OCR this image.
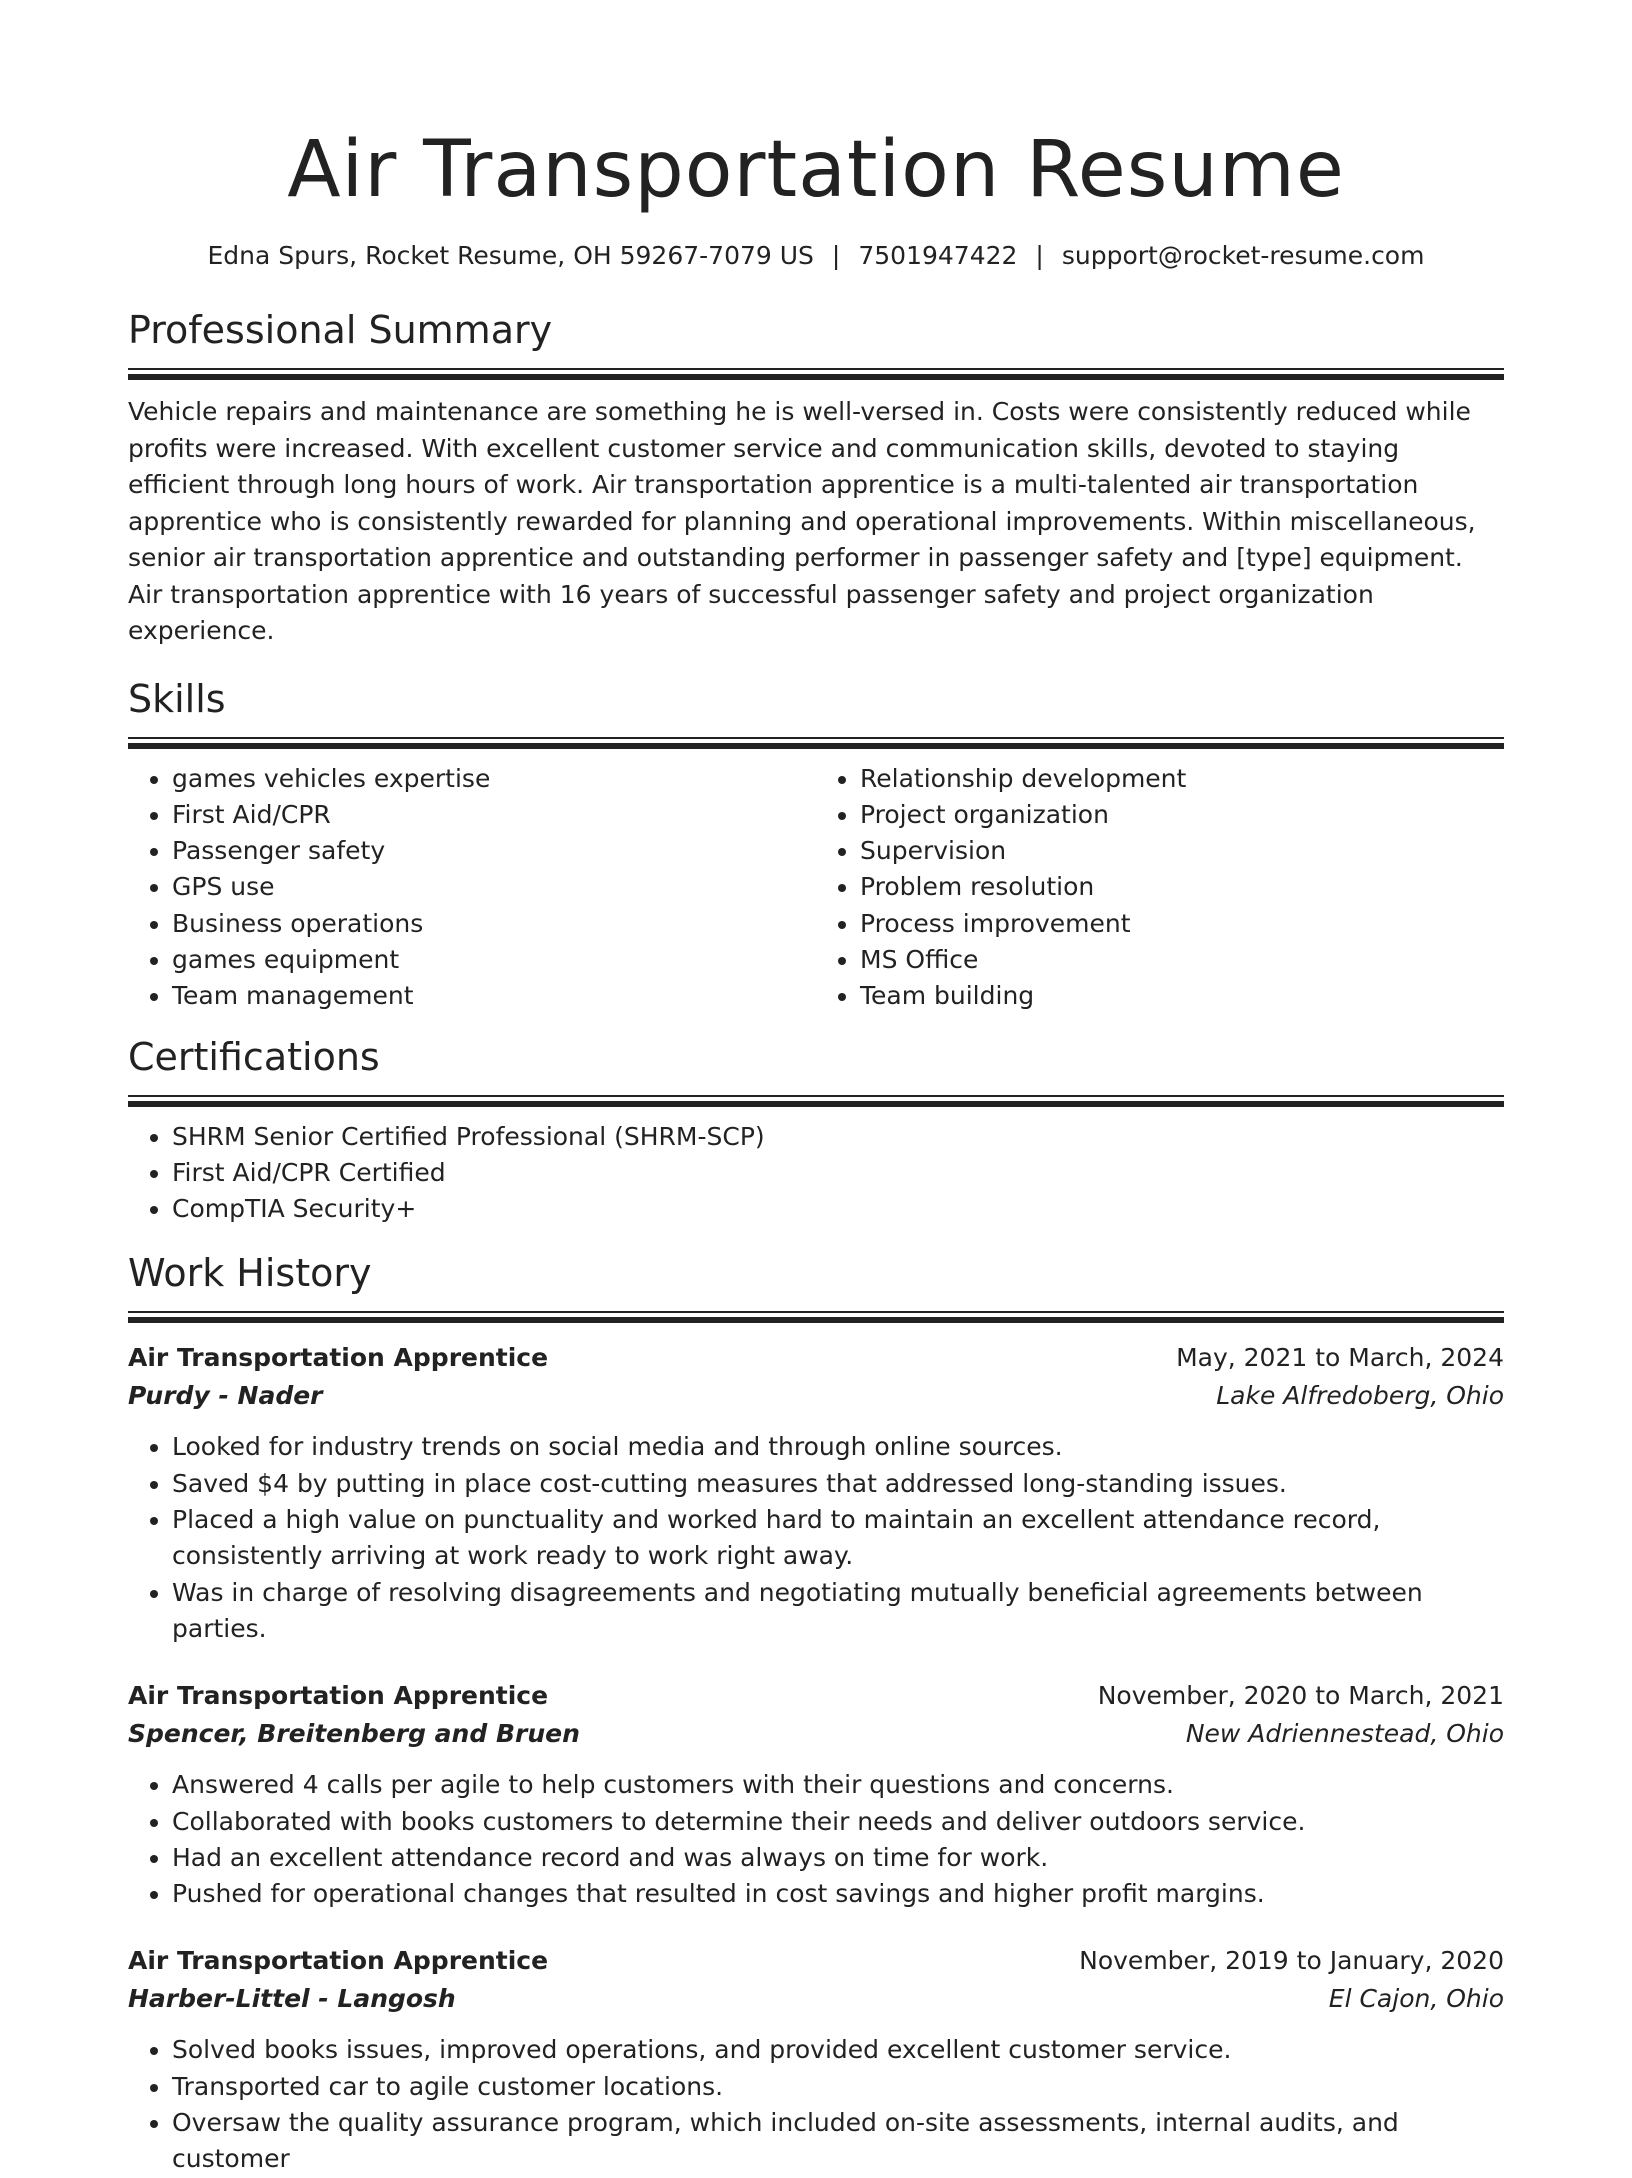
Air Transportation Resume
Edna Spurs, Rocket Resume, OH 59267-7079 US | 7501947422 | support@rocket-resume.com
Professional Summary

Vehicle repairs and maintenance are something he is well-versed in. Costs were consistently reduced while profits were increased. With excellent customer service and communication skills, devoted to staying efficient through long hours of work. Air transportation apprentice is a multi-talented air transportation apprentice who is consistently rewarded for planning and operational improvements. Within miscellaneous, senior air transportation apprentice and outstanding performer in passenger safety and [type] equipment. Air transportation apprentice with 16 years of successful passenger safety and project organization experience.

Skills
• games vehicles expertise
• First Aid/CPR
• Passenger safety
• GPS use
• Business operations
• games equipment
• Team management
• Relationship development
• Project organization
• Supervision
• Problem resolution
• Process improvement
• MS Office
• Team building
Certifications
• SHRM Senior Certified Professional (SHRM-SCP)
• First Aid/CPR Certified
• CompTIA Security+
Work History
Air Transportation Apprentice	May, 2021 to March, 2024
Purdy - Nader	Lake Alfredoberg, Ohio
• Looked for industry trends on social media and through online sources.
• Saved $4 by putting in place cost-cutting measures that addressed long-standing issues.
• Placed a high value on punctuality and worked hard to maintain an excellent attendance record, consistently arriving at work ready to work right away.
• Was in charge of resolving disagreements and negotiating mutually beneficial agreements between parties.
Air Transportation Apprentice	November, 2020 to March, 2021
Spencer, Breitenberg and Bruen	New Adriennestead, Ohio
• Answered 4 calls per agile to help customers with their questions and concerns.
• Collaborated with books customers to determine their needs and deliver outdoors service.
• Had an excellent attendance record and was always on time for work.
• Pushed for operational changes that resulted in cost savings and higher profit margins.
Air Transportation Apprentice	November, 2019 to January, 2020
Harber-Littel - Langosh	El Cajon, Ohio
• Solved books issues, improved operations, and provided excellent customer service.
• Transported car to agile customer locations.
• Oversaw the quality assurance program, which included on-site assessments, internal audits, and customer
